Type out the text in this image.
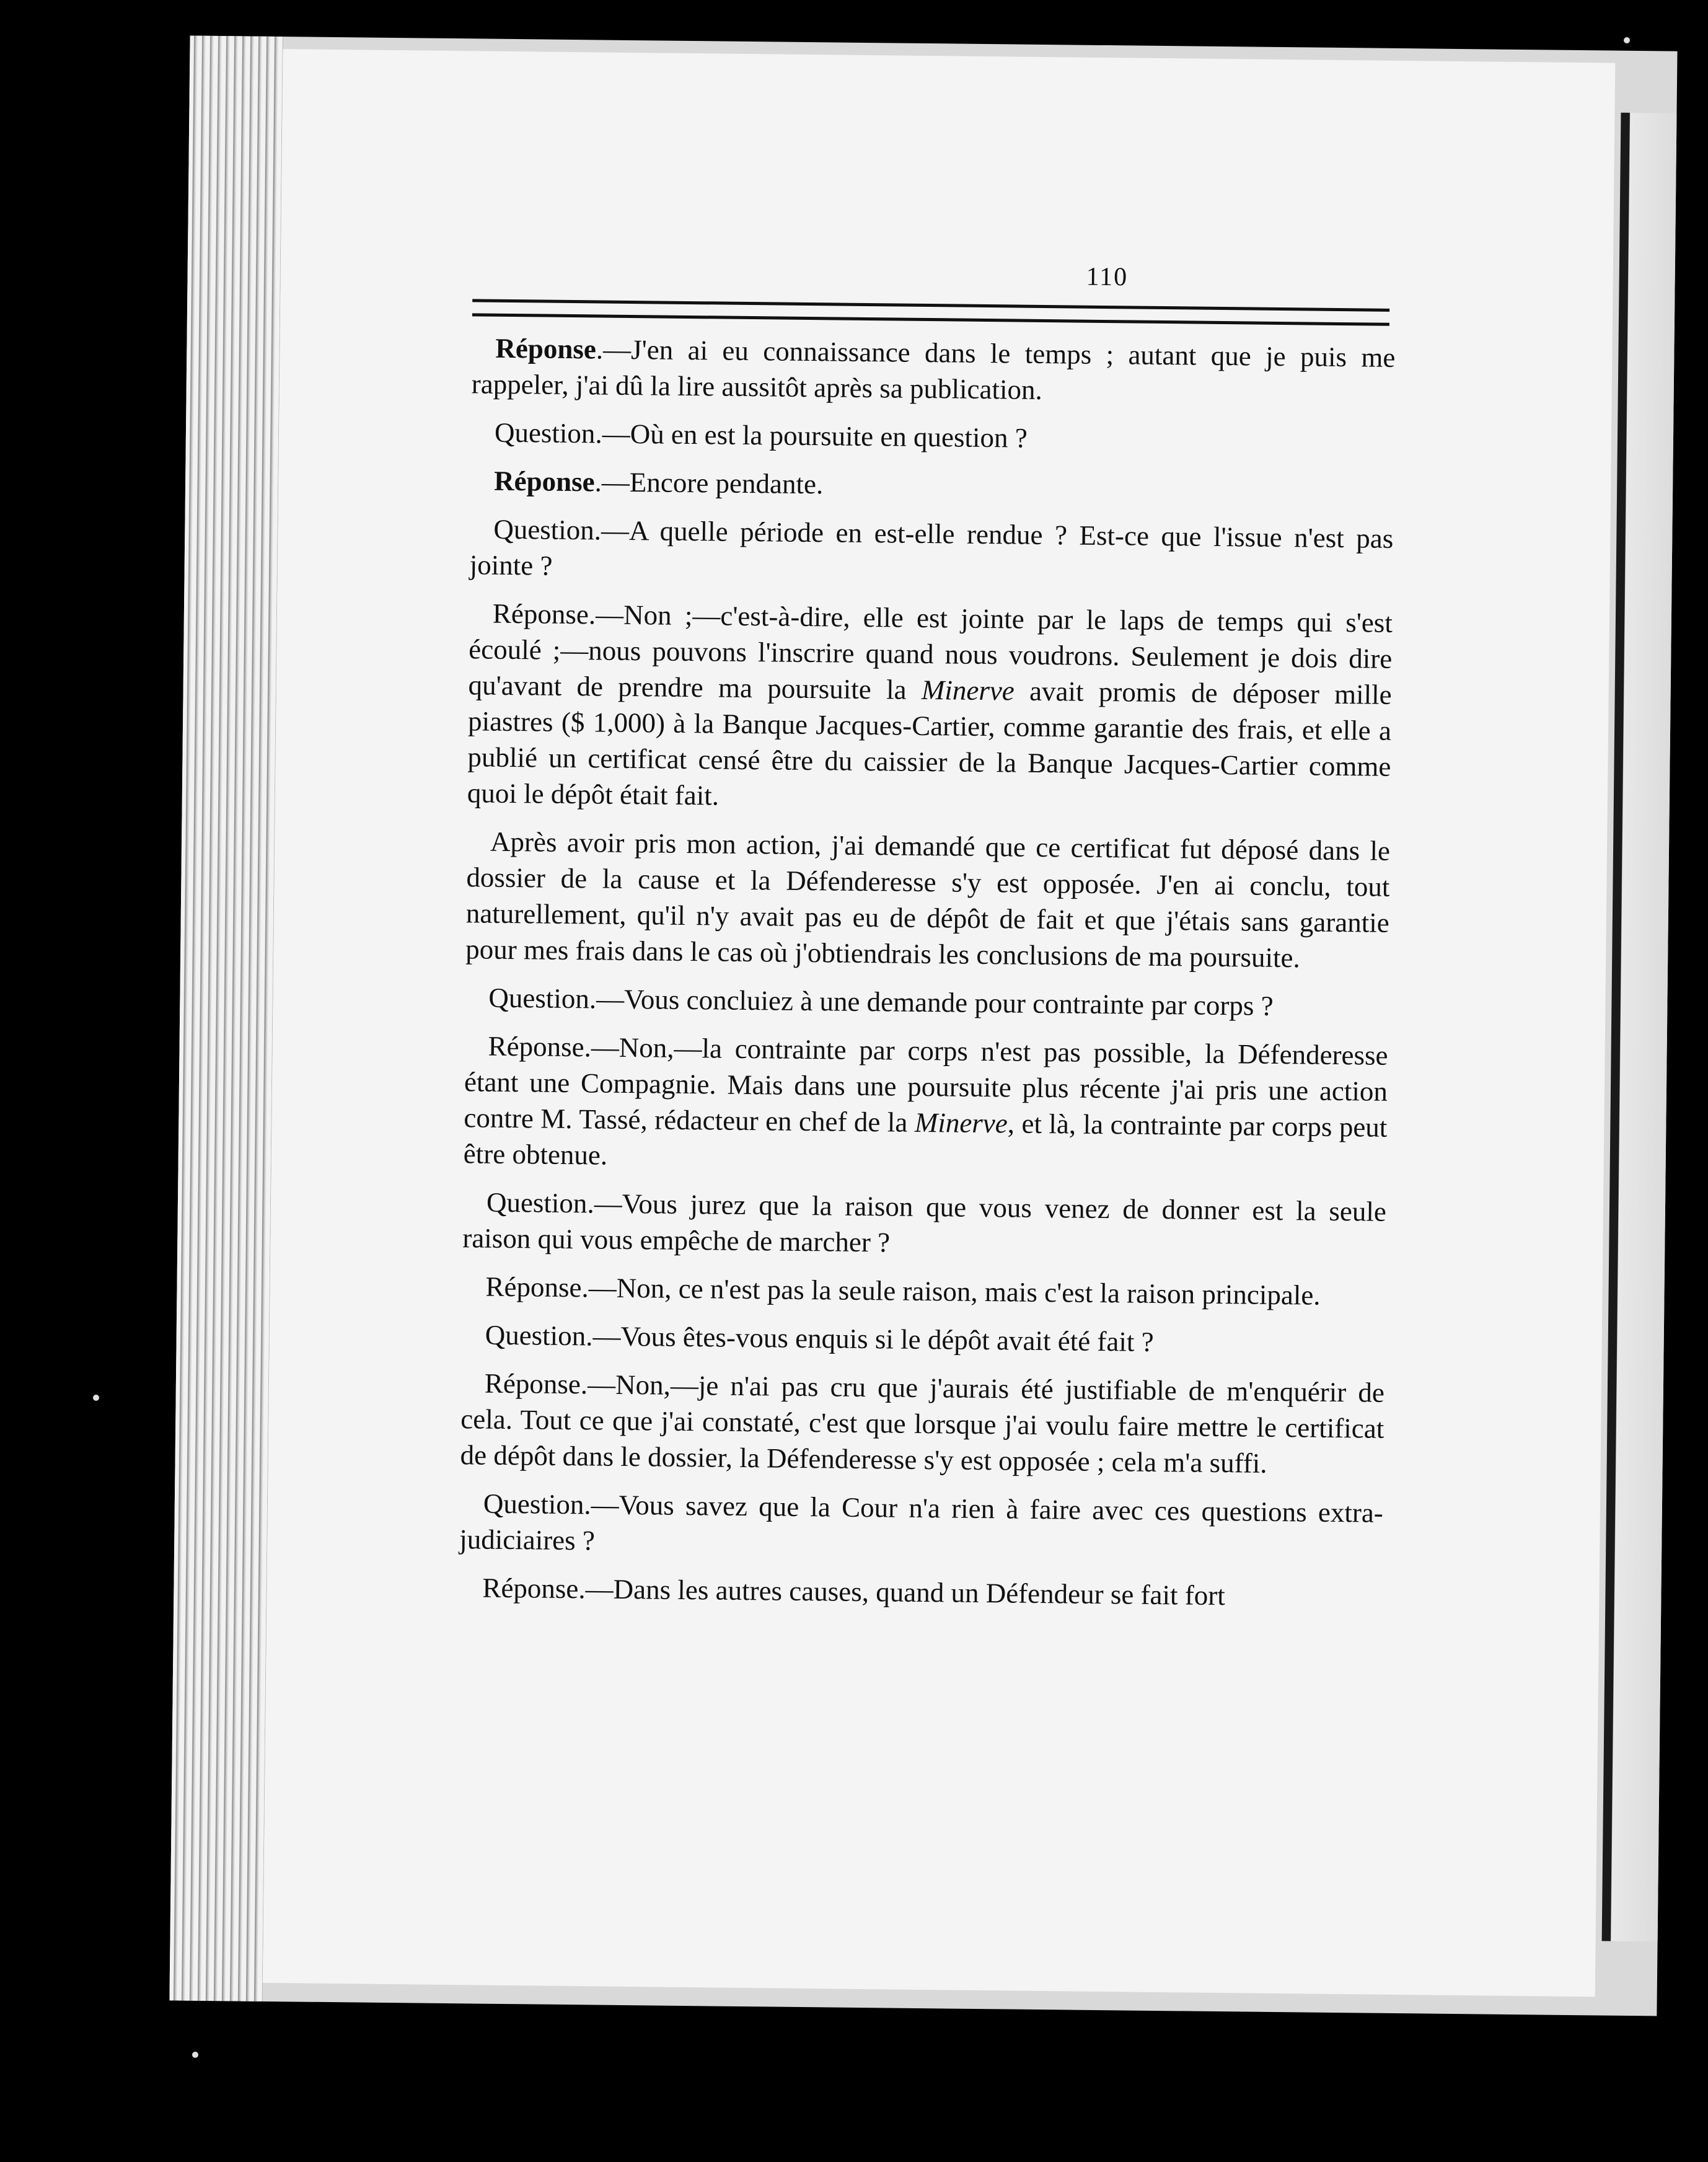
110

Réponse.—J'en ai eu connaissance dans le temps ; autant que je puis me rappeler, j'ai dû la lire aussitôt après sa publication.

Question.—Où en est la poursuite en question ?

Réponse.—Encore pendante.

Question.—A quelle période en est-elle rendue ? Est-ce que l'issue n'est pas jointe ?

Réponse.—Non ;—c'est-à-dire, elle est jointe par le laps de temps qui s'est écoulé ;—nous pouvons l'inscrire quand nous voudrons. Seulement je dois dire qu'avant de prendre ma poursuite la Minerve avait promis de déposer mille piastres ($ 1,000) à la Banque Jacques-Cartier, comme garantie des frais, et elle a publié un certificat censé être du caissier de la Banque Jacques-Cartier comme quoi le dépôt était fait.

Après avoir pris mon action, j'ai demandé que ce certificat fut déposé dans le dossier de la cause et la Défenderesse s'y est opposée. J'en ai conclu, tout naturellement, qu'il n'y avait pas eu de dépôt de fait et que j'étais sans garantie pour mes frais dans le cas où j'obtiendrais les conclusions de ma poursuite.

Question.—Vous concluiez à une demande pour contrainte par corps ?

Réponse.—Non,—la contrainte par corps n'est pas possible, la Défenderesse étant une Compagnie. Mais dans une poursuite plus récente j'ai pris une action contre M. Tassé, rédacteur en chef de la Minerve, et là, la contrainte par corps peut être obtenue.

Question.—Vous jurez que la raison que vous venez de donner est la seule raison qui vous empêche de marcher ?

Réponse.—Non, ce n'est pas la seule raison, mais c'est la raison principale.

Question.—Vous êtes-vous enquis si le dépôt avait été fait ?

Réponse.—Non,—je n'ai pas cru que j'aurais été justifiable de m'enquérir de cela. Tout ce que j'ai constaté, c'est que lorsque j'ai voulu faire mettre le certificat de dépôt dans le dossier, la Défenderesse s'y est opposée ; cela m'a suffi.

Question.—Vous savez que la Cour n'a rien à faire avec ces questions extra-judiciaires ?

Réponse.—Dans les autres causes, quand un Défendeur se fait fort
